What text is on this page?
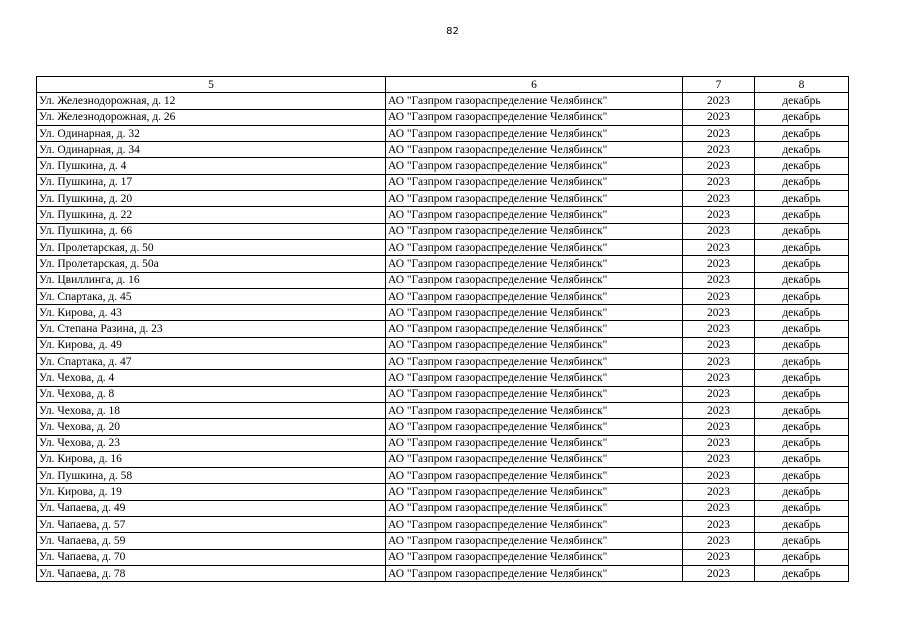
82
5	6	7	8
Ул. Железнодорожная, д. 12	АО "Газпром газораспределение Челябинск"	2023	декабрь
Ул. Железнодорожная, д. 26	АО "Газпром газораспределение Челябинск"	2023	декабрь
Ул. Одинарная, д. 32	АО "Газпром газораспределение Челябинск"	2023	декабрь
Ул. Одинарная, д. 34	АО "Газпром газораспределение Челябинск"	2023	декабрь
Ул. Пушкина, д. 4	АО "Газпром газораспределение Челябинск"	2023	декабрь
Ул. Пушкина, д. 17	АО "Газпром газораспределение Челябинск"	2023	декабрь
Ул. Пушкина, д. 20	АО "Газпром газораспределение Челябинск"	2023	декабрь
Ул. Пушкина, д. 22	АО "Газпром газораспределение Челябинск"	2023	декабрь
Ул. Пушкина, д. 66	АО "Газпром газораспределение Челябинск"	2023	декабрь
Ул. Пролетарская, д. 50	АО "Газпром газораспределение Челябинск"	2023	декабрь
Ул. Пролетарская, д. 50а	АО "Газпром газораспределение Челябинск"	2023	декабрь
Ул. Цвиллинга, д. 16	АО "Газпром газораспределение Челябинск"	2023	декабрь
Ул. Спартака, д. 45	АО "Газпром газораспределение Челябинск"	2023	декабрь
Ул. Кирова, д. 43	АО "Газпром газораспределение Челябинск"	2023	декабрь
Ул. Степана Разина, д. 23	АО "Газпром газораспределение Челябинск"	2023	декабрь
Ул. Кирова, д. 49	АО "Газпром газораспределение Челябинск"	2023	декабрь
Ул. Спартака, д. 47	АО "Газпром газораспределение Челябинск"	2023	декабрь
Ул. Чехова, д. 4	АО "Газпром газораспределение Челябинск"	2023	декабрь
Ул. Чехова, д. 8	АО "Газпром газораспределение Челябинск"	2023	декабрь
Ул. Чехова, д. 18	АО "Газпром газораспределение Челябинск"	2023	декабрь
Ул. Чехова, д. 20	АО "Газпром газораспределение Челябинск"	2023	декабрь
Ул. Чехова, д. 23	АО "Газпром газораспределение Челябинск"	2023	декабрь
Ул. Кирова, д. 16	АО "Газпром газораспределение Челябинск"	2023	декабрь
Ул. Пушкина, д. 58	АО "Газпром газораспределение Челябинск"	2023	декабрь
Ул. Кирова, д. 19	АО "Газпром газораспределение Челябинск"	2023	декабрь
Ул. Чапаева, д. 49	АО "Газпром газораспределение Челябинск"	2023	декабрь
Ул. Чапаева, д. 57	АО "Газпром газораспределение Челябинск"	2023	декабрь
Ул. Чапаева, д. 59	АО "Газпром газораспределение Челябинск"	2023	декабрь
Ул. Чапаева, д. 70	АО "Газпром газораспределение Челябинск"	2023	декабрь
Ул. Чапаева, д. 78	АО "Газпром газораспределение Челябинск"	2023	декабрь
